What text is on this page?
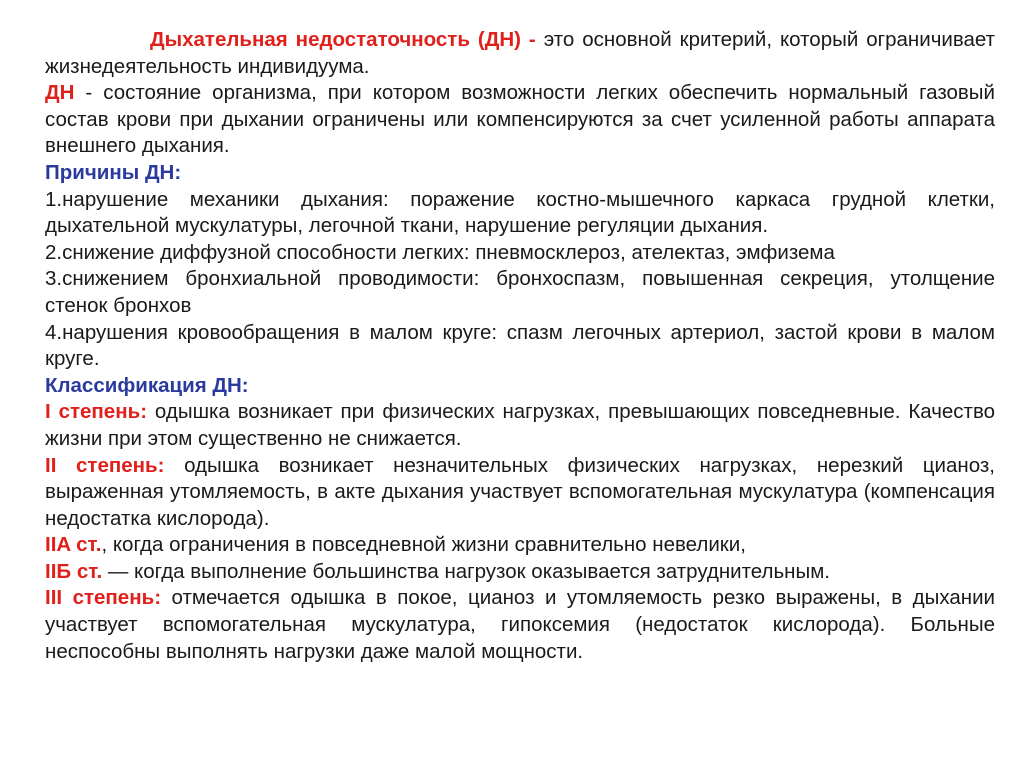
Дыхательная недостаточность (ДН) - это основной критерий, который ограничивает жизнедеятельность индивидуума.

ДН - состояние организма, при котором возможности легких обеспечить нормальный газовый состав крови при дыхании ограничены или компенсируются за счет усиленной работы аппарата внешнего дыхания.

Причины ДН:

1.нарушение механики дыхания: поражение костно-мышечного каркаса грудной клетки, дыхательной мускулатуры, легочной ткани, нарушение регуляции дыхания.

2.снижение диффузной способности легких: пневмосклероз, ателектаз, эмфизема

3.снижением бронхиальной проводимости: бронхоспазм, повышенная секреция, утолщение стенок бронхов

4.нарушения кровообращения в малом круге: спазм легочных артериол, застой крови в малом круге.

Классификация ДН:

I степень: одышка возникает при физических нагрузках, превышающих повседневные. Качество жизни при этом существенно не снижается.

II степень: одышка возникает незначительных физических нагрузках, нерезкий цианоз, выраженная утомляемость, в акте дыхания участвует вспомогательная мускулатура (компенсация недостатка кислорода).

IIA ст., когда ограничения в повседневной жизни сравнительно невелики,

IIБ ст. — когда выполнение большинства нагрузок оказывается затруднительным.

III степень: отмечается одышка в покое, цианоз и утомляемость резко выражены, в дыхании участвует вспомогательная мускулатура, гипоксемия (недостаток кислорода). Больные неспособны выполнять нагрузки даже малой мощности.
